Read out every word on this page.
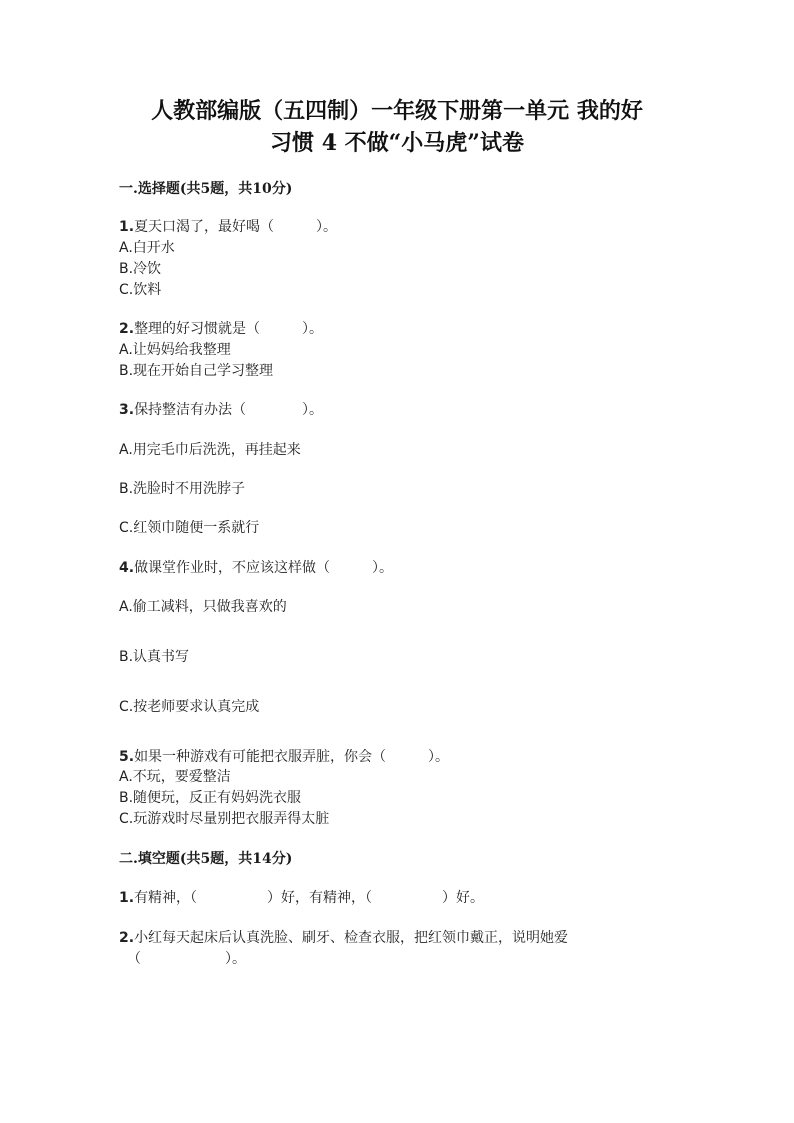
人教部编版（五四制）一年级下册第一单元 我的好
习惯 4 不做“小马虎”试卷
一.选择题(共5题，共10分)
1.夏天口渴了，最好喝（　　　）。
A.白开水
B.冷饮
C.饮料
2.整理的好习惯就是（　　　）。
A.让妈妈给我整理
B.现在开始自己学习整理
3.保持整洁有办法（　　　　）。
A.用完毛巾后洗洗，再挂起来
B.洗脸时不用洗脖子
C.红领巾随便一系就行
4.做课堂作业时，不应该这样做（　　　）。
A.偷工减料，只做我喜欢的
B.认真书写
C.按老师要求认真完成
5.如果一种游戏有可能把衣服弄脏，你会（　　　）。
A.不玩，要爱整洁
B.随便玩，反正有妈妈洗衣服
C.玩游戏时尽量别把衣服弄得太脏
二.填空题(共5题，共14分)
1.有精神，（　　　　　）好，有精神，（　　　　　）好。
2.小红每天起床后认真洗脸、刷牙、检查衣服，把红领巾戴正，说明她爱
（　　　　　　）。
